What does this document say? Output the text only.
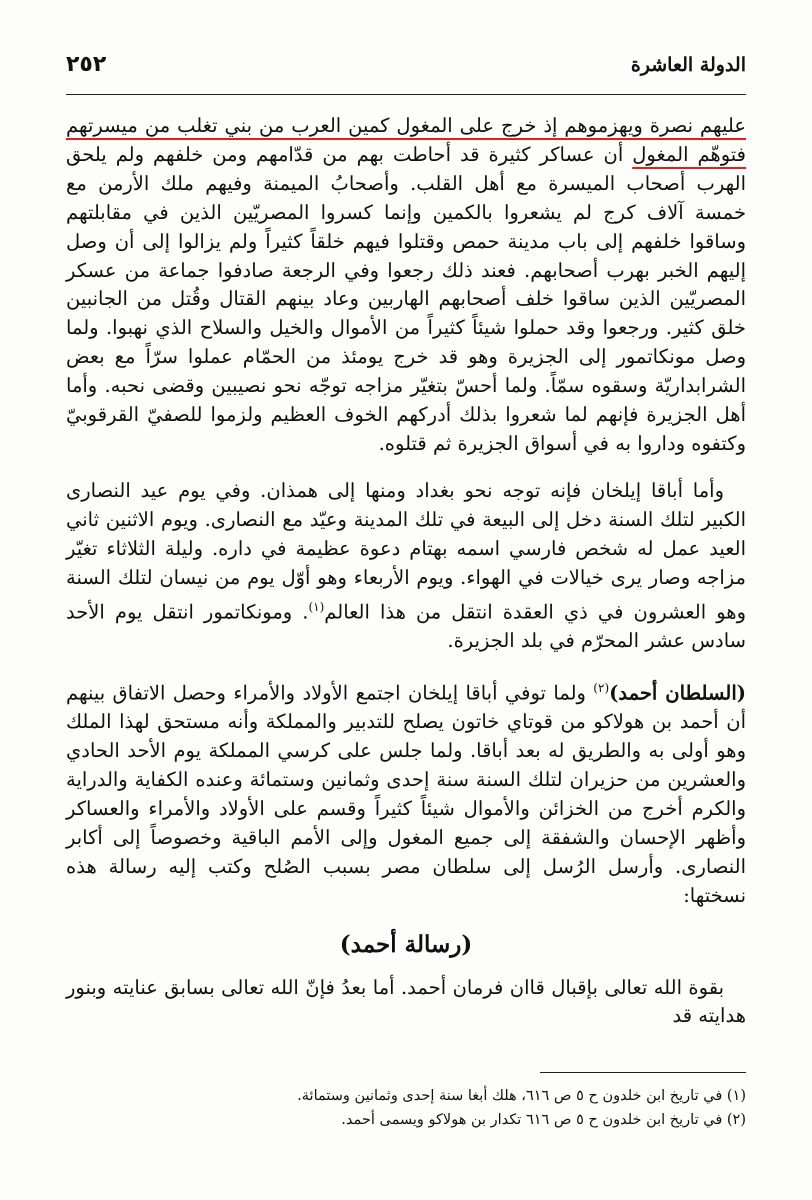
٢٥٢	الدولة العاشرة

عليهم نصرة ويهزموهم إذ خرج على المغول كمين العرب من بني تغلب من ميسرتهم فتوهّم المغول أن عساكر كثيرة قد أحاطت بهم من قدّامهم ومن خلفهم ولم يلحق الهرب أصحاب الميسرة مع أهل القلب. وأصحابُ الميمنة وفيهم ملك الأرمن مع خمسة آلاف كرج لم يشعروا بالكمين وإنما كسروا المصريّين الذين في مقابلتهم وساقوا خلفهم إلى باب مدينة حمص وقتلوا فيهم خلقاً كثيراً ولم يزالوا إلى أن وصل إليهم الخبر بهرب أصحابهم. فعند ذلك رجعوا وفي الرجعة صادفوا جماعة من عسكر المصريّين الذين ساقوا خلف أصحابهم الهاربين وعاد بينهم القتال وقُتل من الجانبين خلق كثير. ورجعوا وقد حملوا شيئاً كثيراً من الأموال والخيل والسلاح الذي نهبوا. ولما وصل مونكاتمور إلى الجزيرة وهو قد خرج يومئذ من الحمّام عملوا سرّاً مع بعض الشرابداريّة وسقوه سمّاً. ولما أحسّ بتغيّر مزاجه توجّه نحو نصيبين وقضى نحبه. وأما أهل الجزيرة فإنهم لما شعروا بذلك أدركهم الخوف العظيم ولزموا للصفيّ القرقوبيّ وكتفوه وداروا به في أسواق الجزيرة ثم قتلوه.

وأما أباقا إيلخان فإنه توجه نحو بغداد ومنها إلى همذان. وفي يوم عيد النصارى الكبير لتلك السنة دخل إلى البيعة في تلك المدينة وعيّد مع النصارى. ويوم الاثنين ثاني العيد عمل له شخص فارسي اسمه بهتام دعوة عظيمة في داره. وليلة الثلاثاء تغيّر مزاجه وصار يرى خيالات في الهواء. ويوم الأربعاء وهو أوّل يوم من نيسان لتلك السنة وهو العشرون في ذي العقدة انتقل من هذا العالم$^{(١)}$. ومونكاتمور انتقل يوم الأحد سادس عشر المحرّم في بلد الجزيرة.

(السلطان أحمد)$^{(٢)}$ ولما توفي أباقا إيلخان اجتمع الأولاد والأمراء وحصل الاتفاق بينهم أن أحمد بن هولاكو من قوتاي خاتون يصلح للتدبير والمملكة وأنه مستحق لهذا الملك وهو أولى به والطريق له بعد أباقا. ولما جلس على كرسي المملكة يوم الأحد الحادي والعشرين من حزيران لتلك السنة سنة إحدى وثمانين وستمائة وعنده الكفاية والدراية والكرم أخرج من الخزائن والأموال شيئاً كثيراً وقسم على الأولاد والأمراء والعساكر وأظهر الإحسان والشفقة إلى جميع المغول وإلى الأمم الباقية وخصوصاً إلى أكابر النصارى. وأرسل الرُسل إلى سلطان مصر بسبب الصُلح وكتب إليه رسالة هذه نسختها:

(رسالة أحمد)

بقوة الله تعالى بإقبال قاان فرمان أحمد. أما بعدُ فإنّ الله تعالى بسابق عنايته وبنور هدايته قد

(١) في تاريخ ابن خلدون ح ٥ ص ٦١٦، هلك أبغا سنة إحدى وثمانين وستمائة.

(٢) في تاريخ ابن خلدون ح ٥ ص ٦١٦ تكدار بن هولاكو ويسمى أحمد.
